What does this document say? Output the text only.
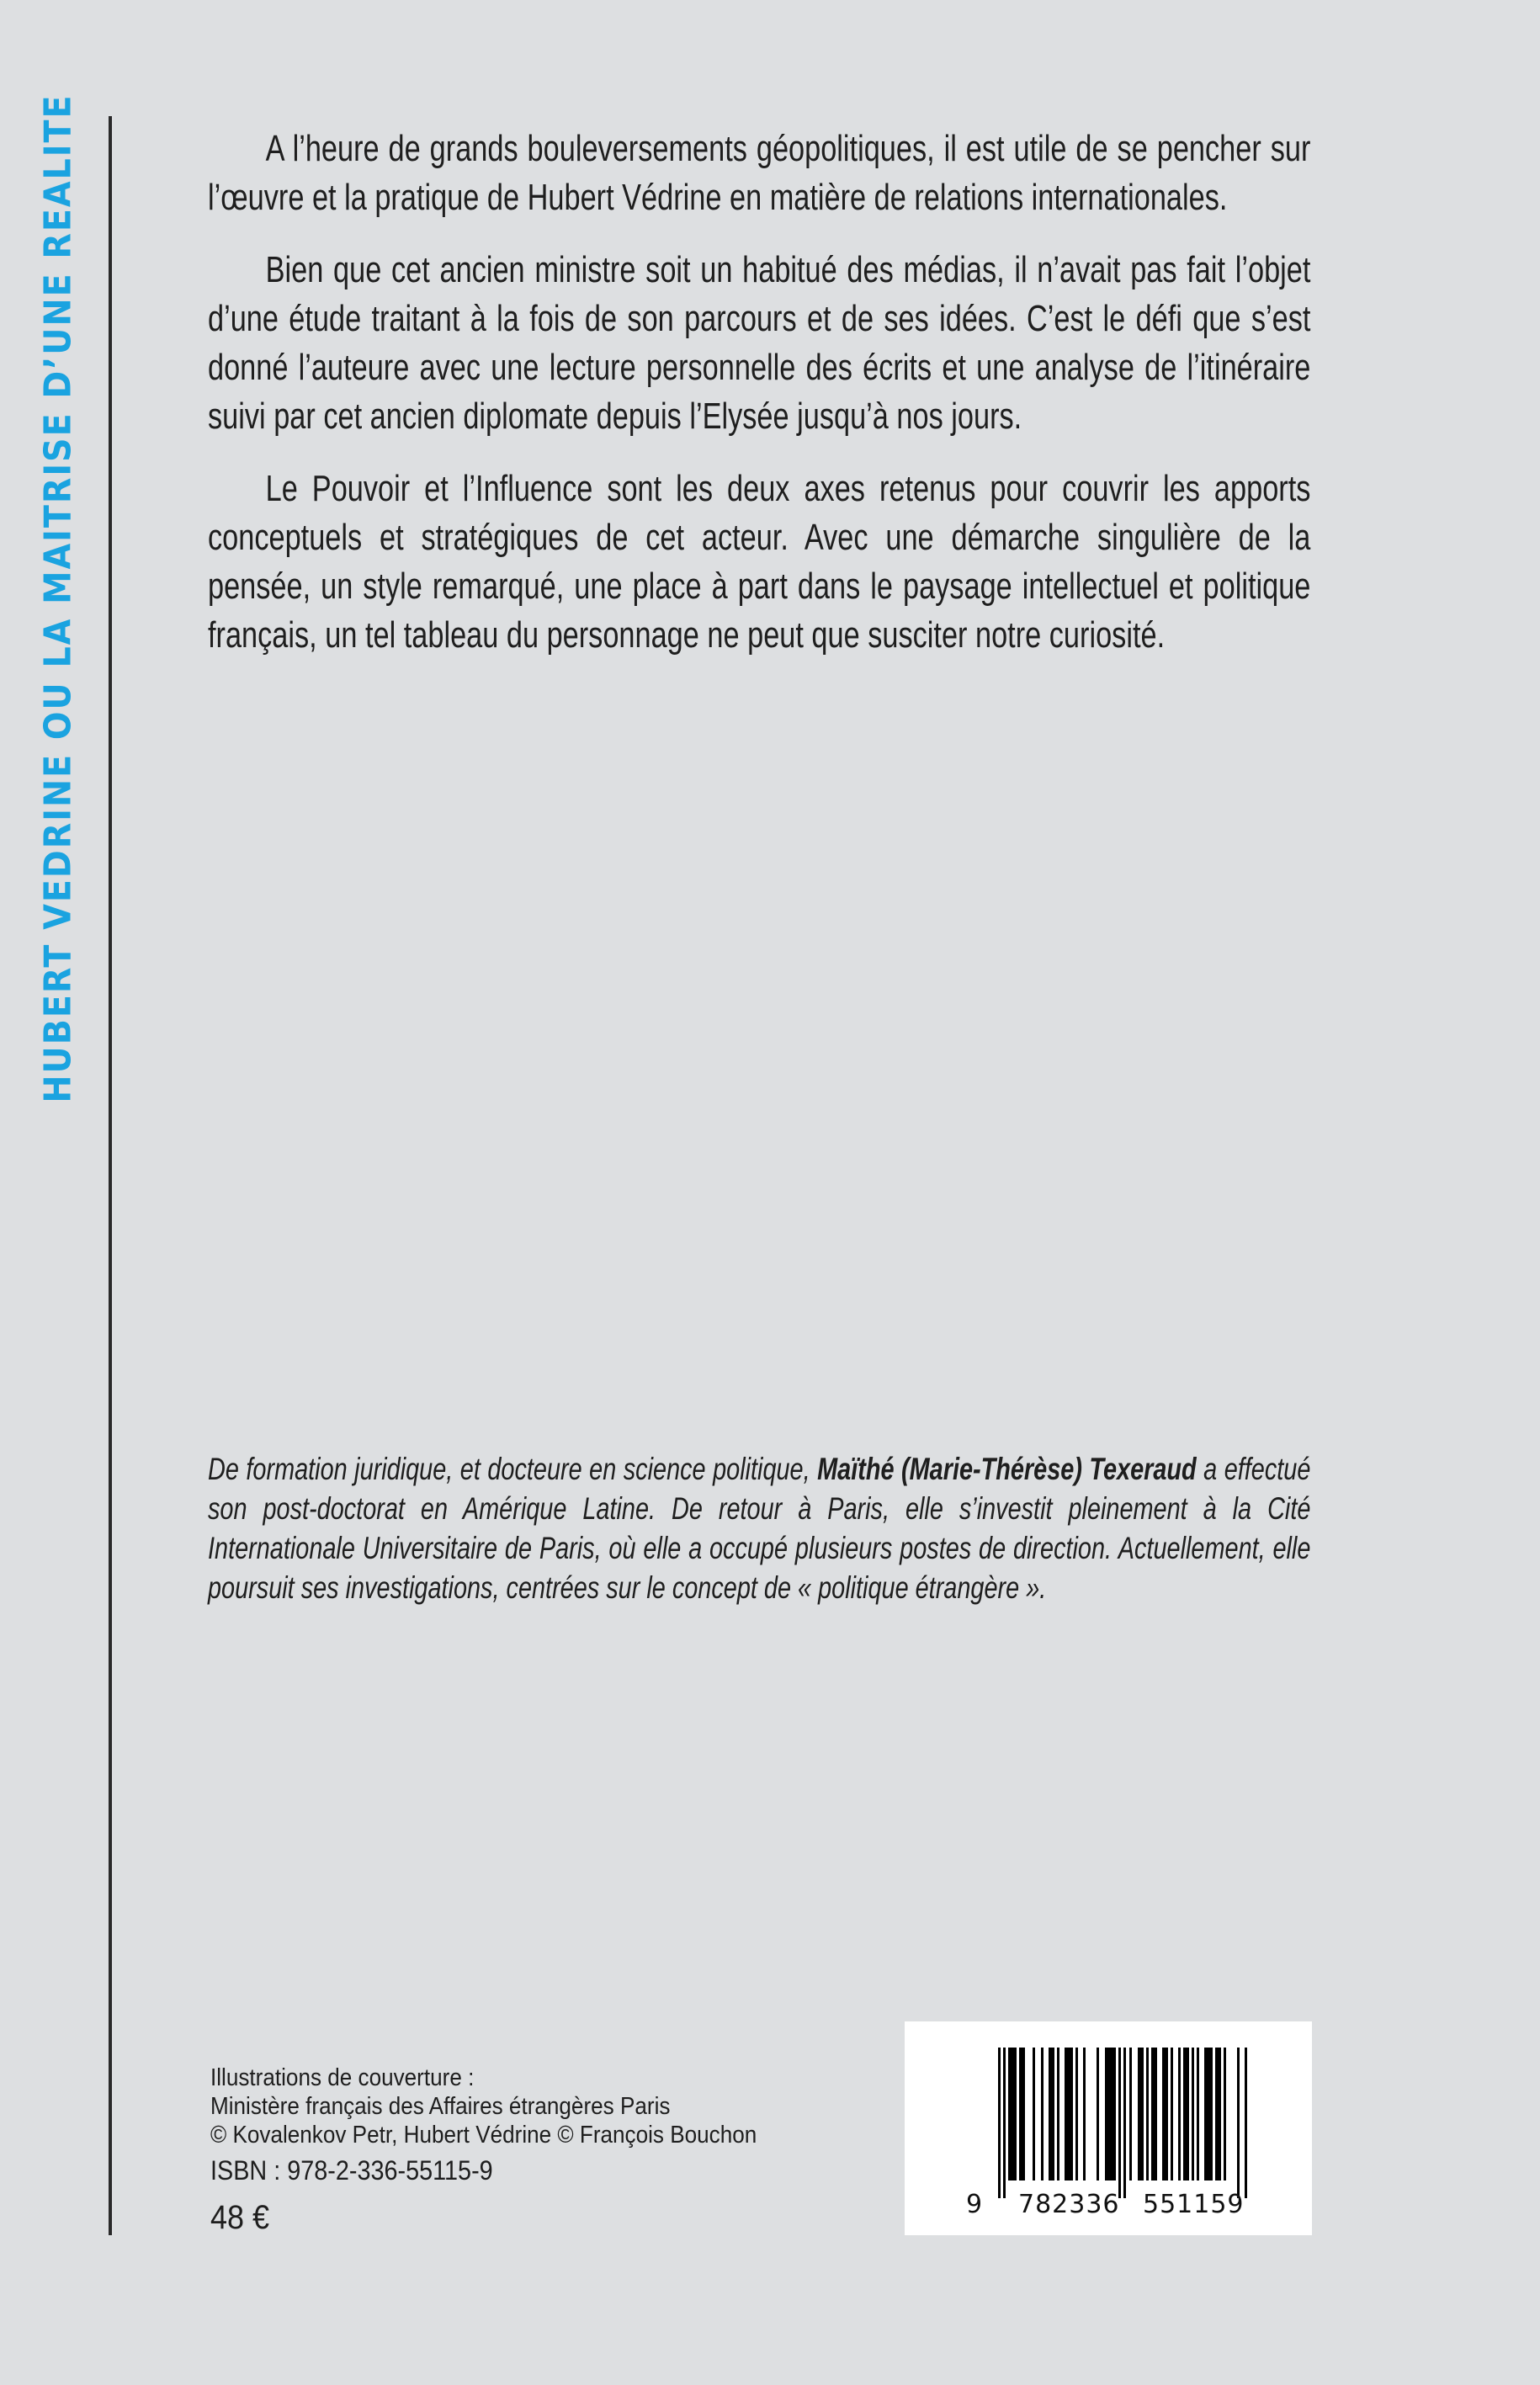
HUBERT VEDRINE OU LA MAITRISE D’UNE REALITE	A l’heure de grands bouleversements géopolitiques, il est utile de se pencher sur l’œuvre et la pratique de Hubert Védrine en matière de relations internationales.

Bien que cet ancien ministre soit un habitué des médias, il n’avait pas fait l’objet d’une étude traitant à la fois de son parcours et de ses idées. C’est le défi que s’est donné l’auteure avec une lecture personnelle des écrits et une analyse de l’itinéraire suivi par cet ancien diplomate depuis l’Elysée jusqu’à nos jours.

Le Pouvoir et l’Influence sont les deux axes retenus pour couvrir les apports conceptuels et stratégiques de cet acteur. Avec une démarche singulière de la pensée, un style remarqué, une place à part dans le paysage intellectuel et politique français, un tel tableau du personnage ne peut que susciter notre curiosité.

De formation juridique, et docteure en science politique, Maïthé (Marie-Thérèse) Texeraud a effectué son post-doctorat en Amérique Latine. De retour à Paris, elle s’investit pleinement à la Cité Internationale Universitaire de Paris, où elle a occupé plusieurs postes de direction. Actuellement, elle poursuit ses investigations, centrées sur le concept de « politique étrangère ».
Illustrations de couverture :
Ministère français des Affaires étrangères Paris
© Kovalenkov Petr, Hubert Védrine © François Bouchon
ISBN : 978-2-336-55115-9
48 €	9 782336 551159
